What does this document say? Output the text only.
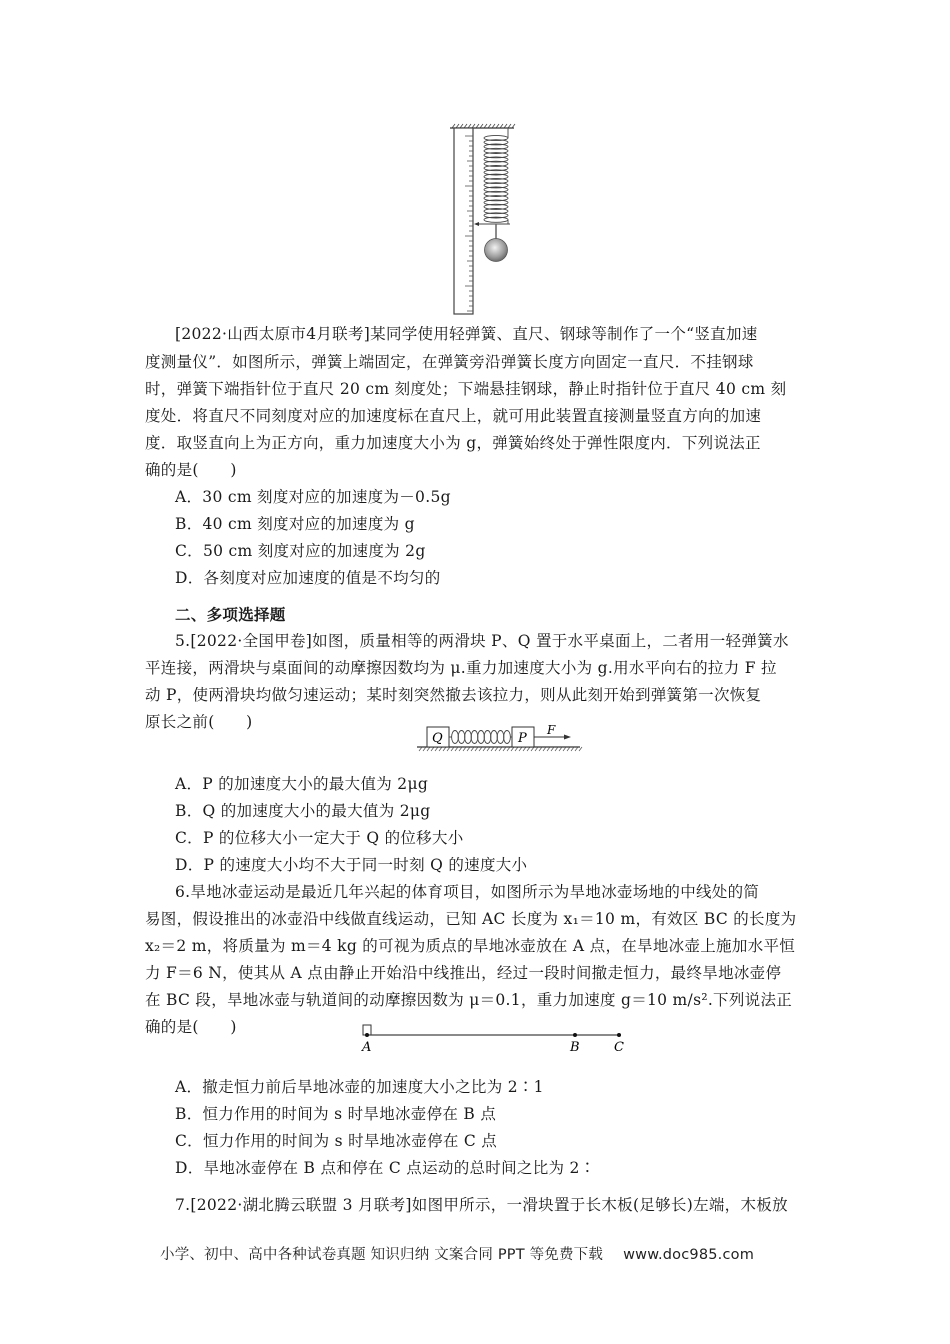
[2022·山西太原市4月联考]某同学使用轻弹簧、直尺、钢球等制作了一个“竖直加速
度测量仪”．如图所示，弹簧上端固定，在弹簧旁沿弹簧长度方向固定一直尺．不挂钢球
时，弹簧下端指针位于直尺 20 cm 刻度处；下端悬挂钢球，静止时指针位于直尺 40 cm 刻
度处．将直尺不同刻度对应的加速度标在直尺上，就可用此装置直接测量竖直方向的加速
度．取竖直向上为正方向，重力加速度大小为 g，弹簧始终处于弹性限度内．下列说法正
确的是(　　)
A．30 cm 刻度对应的加速度为－0.5g
B．40 cm 刻度对应的加速度为 g
C．50 cm 刻度对应的加速度为 2g
D．各刻度对应加速度的值是不均匀的
二、多项选择题
5.[2022·全国甲卷]如图，质量相等的两滑块 P、Q 置于水平桌面上，二者用一轻弹簧水
平连接，两滑块与桌面间的动摩擦因数均为 μ.重力加速度大小为 g.用水平向右的拉力 F 拉
动 P，使两滑块均做匀速运动；某时刻突然撤去该拉力，则从此刻开始到弹簧第一次恢复
原长之前(　　)
Q	P
F
A．P 的加速度大小的最大值为 2μg
B．Q 的加速度大小的最大值为 2μg
C．P 的位移大小一定大于 Q 的位移大小
D．P 的速度大小均不大于同一时刻 Q 的速度大小
6.旱地冰壶运动是最近几年兴起的体育项目，如图所示为旱地冰壶场地的中线处的简
易图，假设推出的冰壶沿中线做直线运动，已知 AC 长度为 x₁＝10 m，有效区 BC 的长度为
x₂＝2 m，将质量为 m＝4 kg 的可视为质点的旱地冰壶放在 A 点，在旱地冰壶上施加水平恒
力 F＝6 N，使其从 A 点由静止开始沿中线推出，经过一段时间撤走恒力，最终旱地冰壶停
在 BC 段，旱地冰壶与轨道间的动摩擦因数为 μ＝0.1，重力加速度 g＝10 m/s².下列说法正
确的是(　　)
A	B	C
A．撤走恒力前后旱地冰壶的加速度大小之比为 2∶1
B．恒力作用的时间为 s 时旱地冰壶停在 B 点
C．恒力作用的时间为 s 时旱地冰壶停在 C 点
D．旱地冰壶停在 B 点和停在 C 点运动的总时间之比为 2∶
7.[2022·湖北腾云联盟 3 月联考]如图甲所示，一滑块置于长木板(足够长)左端，木板放
小学、初中、高中各种试卷真题 知识归纳 文案合同 PPT 等免费下载 www.doc985.com
